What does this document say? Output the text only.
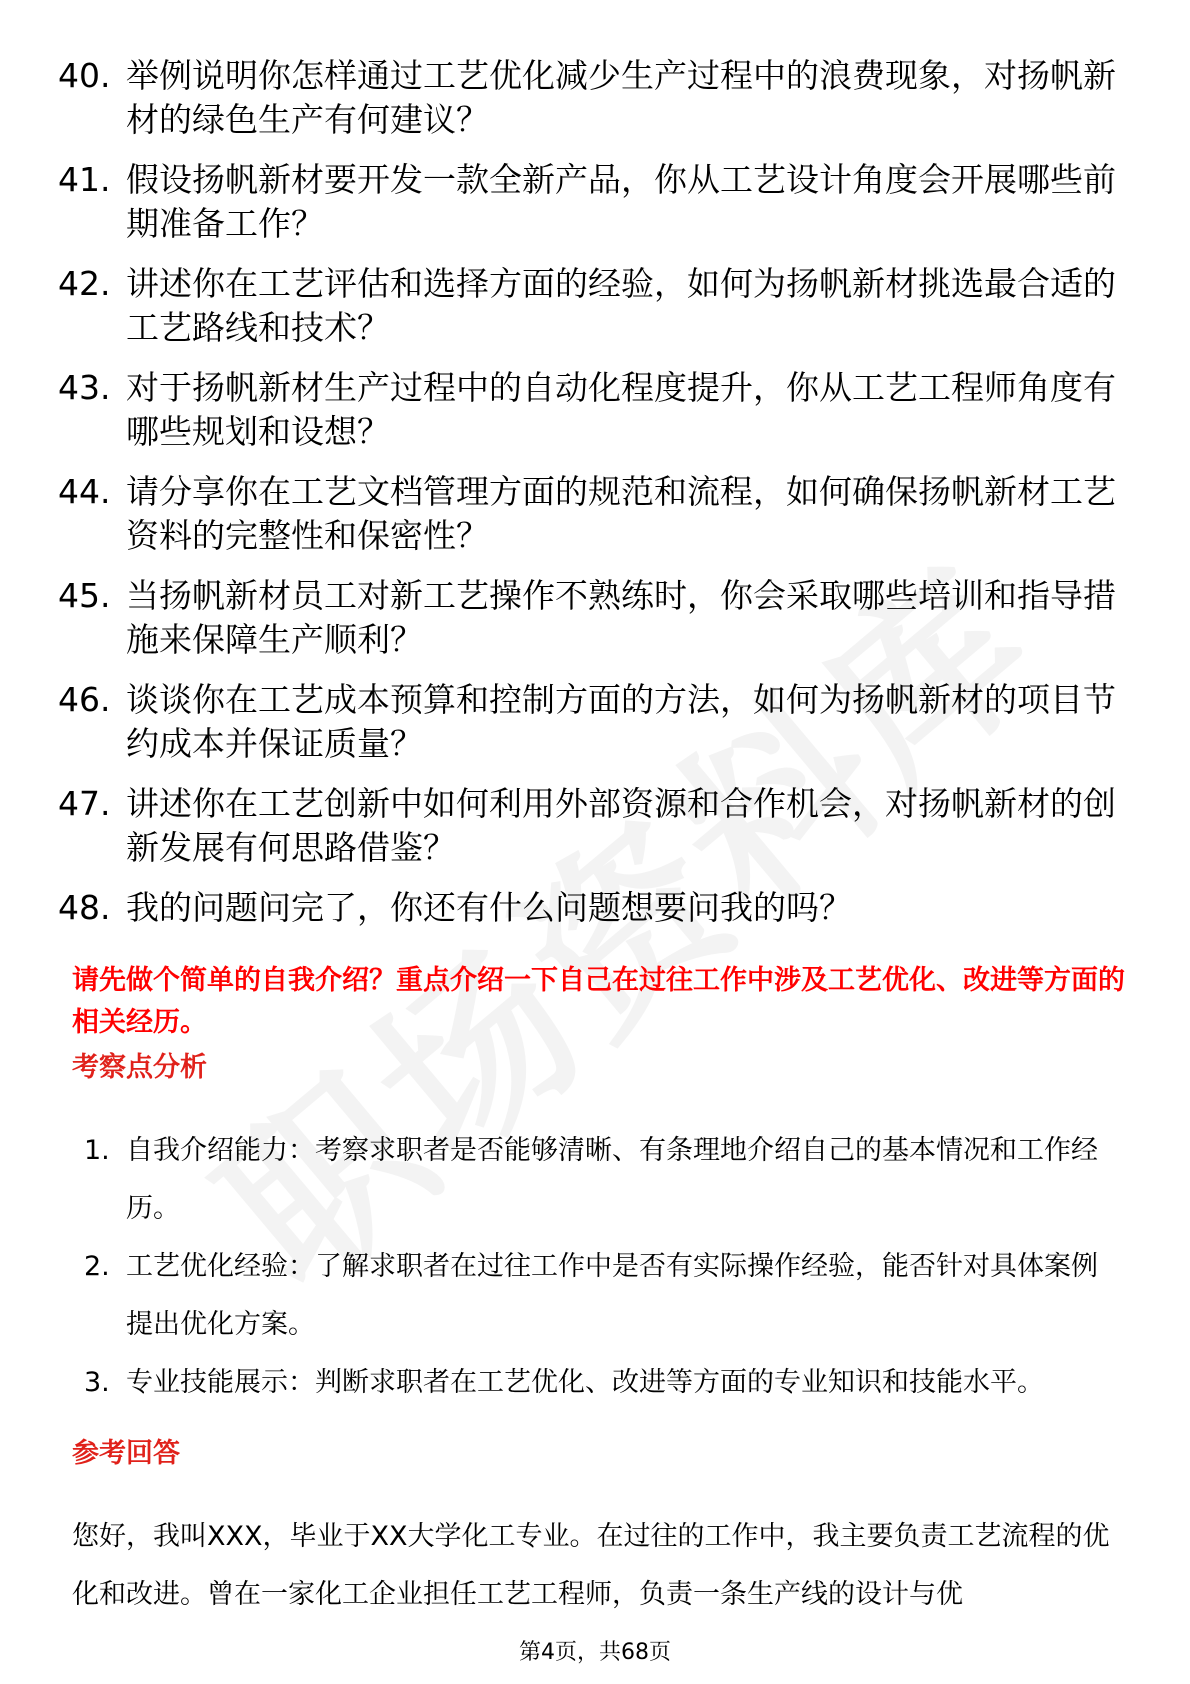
40. 举例说明你怎样通过工艺优化减少生产过程中的浪费现象，对扬帆新材的绿色生产有何建议？
41. 假设扬帆新材要开发一款全新产品，你从工艺设计角度会开展哪些前期准备工作？
42. 讲述你在工艺评估和选择方面的经验，如何为扬帆新材挑选最合适的工艺路线和技术？
43. 对于扬帆新材生产过程中的自动化程度提升，你从工艺工程师角度有哪些规划和设想？
44. 请分享你在工艺文档管理方面的规范和流程，如何确保扬帆新材工艺资料的完整性和保密性？
45. 当扬帆新材员工对新工艺操作不熟练时，你会采取哪些培训和指导措施来保障生产顺利？
46. 谈谈你在工艺成本预算和控制方面的方法，如何为扬帆新材的项目节约成本并保证质量？
47. 讲述你在工艺创新中如何利用外部资源和合作机会，对扬帆新材的创新发展有何思路借鉴？
48. 我的问题问完了，你还有什么问题想要问我的吗？

请先做个简单的自我介绍？重点介绍一下自己在过往工作中涉及工艺优化、改进等方面的相关经历。

考察点分析
1. 自我介绍能力：考察求职者是否能够清晰、有条理地介绍自己的基本情况和工作经历。
2. 工艺优化经验：了解求职者在过往工作中是否有实际操作经验，能否针对具体案例提出优化方案。
3. 专业技能展示：判断求职者在工艺优化、改进等方面的专业知识和技能水平。
参考回答

您好，我叫XXX，毕业于XX大学化工专业。在过往的工作中，我主要负责工艺流程的优化和改进。曾在一家化工企业担任工艺工程师，负责一条生产线的设计与优

第4页，共68页
